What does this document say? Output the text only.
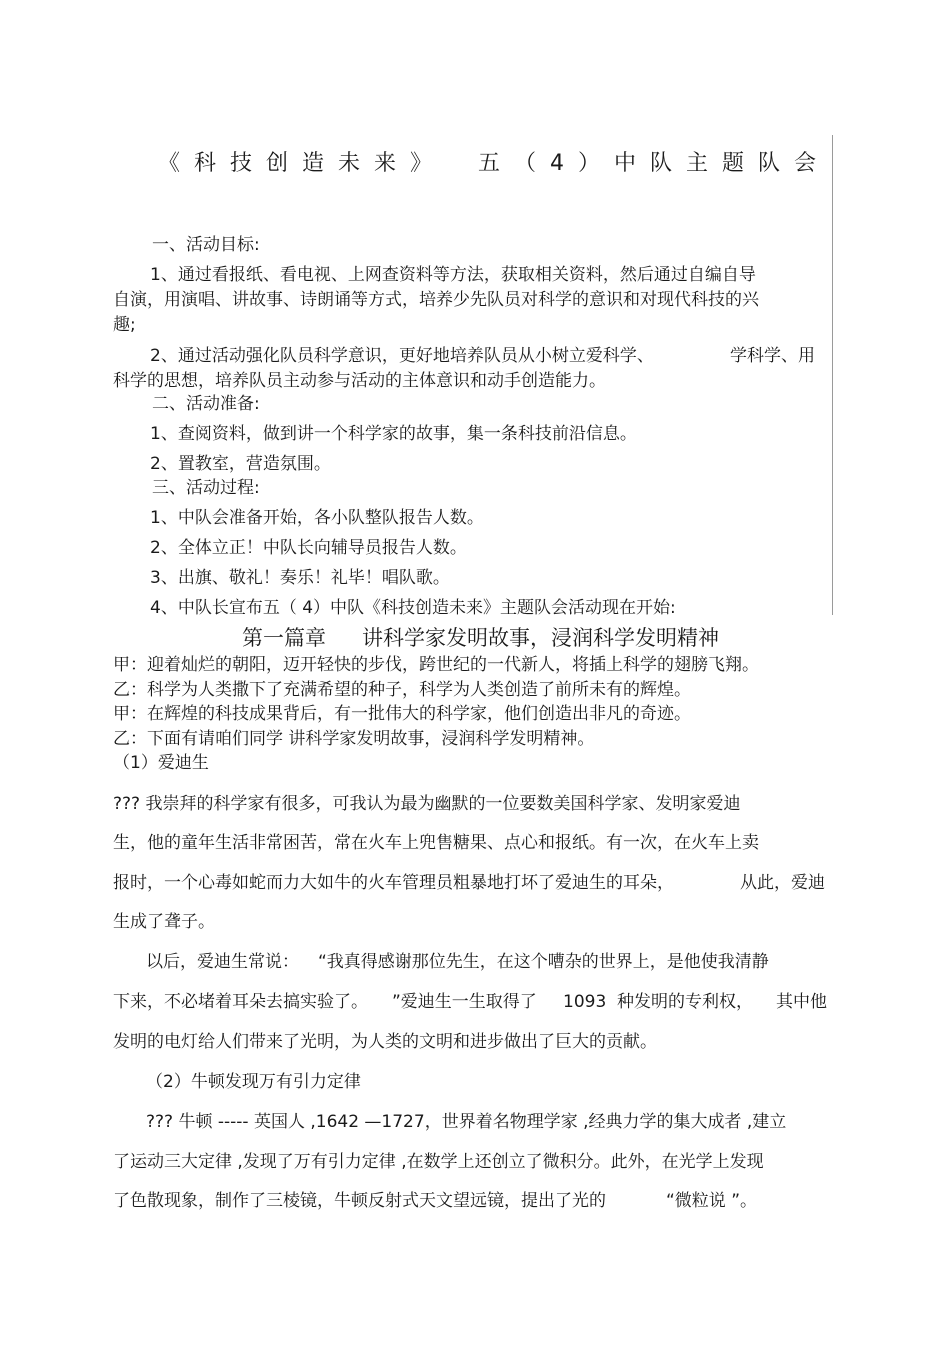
《科技创造未来》 五（4）中队主题队会
一、活动目标:
1、通过看报纸、看电视、上网查资料等方法，获取相关资料，然后通过自编自导
自演，用演唱、讲故事、诗朗诵等方式，培养少先队员对科学的意识和对现代科技的兴
趣;
2、通过活动强化队员科学意识，更好地培养队员从小树立爱科学、	学科学、用
科学的思想，培养队员主动参与活动的主体意识和动手创造能力。
二、活动准备:
1、查阅资料，做到讲一个科学家的故事，集一条科技前沿信息。
2、置教室，营造氛围。
三、活动过程:
1、中队会准备开始，各小队整队报告人数。
2、全体立正！中队长向辅导员报告人数。
3、出旗、敬礼！奏乐！礼毕！唱队歌。
4、中队长宣布五（ 4）中队《科技创造未来》主题队会活动现在开始:
第一篇章 讲科学家发明故事，浸润科学发明精神
甲：迎着灿烂的朝阳，迈开轻快的步伐，跨世纪的一代新人，将插上科学的翅膀飞翔。
乙：科学为人类撒下了充满希望的种子，科学为人类创造了前所未有的辉煌。
甲：在辉煌的科技成果背后，有一批伟大的科学家，他们创造出非凡的奇迹。
乙：下面有请咱们同学 讲科学家发明故事，浸润科学发明精神。
（1）爱迪生
??? 我崇拜的科学家有很多，可我认为最为幽默的一位要数美国科学家、发明家爱迪
生，他的童年生活非常困苦，常在火车上兜售糖果、点心和报纸。有一次，在火车上卖
报时，一个心毒如蛇而力大如牛的火车管理员粗暴地打坏了爱迪生的耳朵，	从此，爱迪
生成了聋子。
以后，爱迪生常说： “我真得感谢那位先生，在这个嘈杂的世界上，是他使我清静
下来，不必堵着耳朵去搞实验了。 ”爱迪生一生取得了 1093 种发明的专利权， 其中他
发明的电灯给人们带来了光明，为人类的文明和进步做出了巨大的贡献。
（2）牛顿发现万有引力定律
??? 牛顿 ----- 英国人 ,1642 —1727，世界着名物理学家 ,经典力学的集大成者 ,建立
了运动三大定律 ,发现了万有引力定律 ,在数学上还创立了微积分。此外，在光学上发现
了色散现象，制作了三棱镜，牛顿反射式天文望远镜，提出了光的	“微粒说 ”。
